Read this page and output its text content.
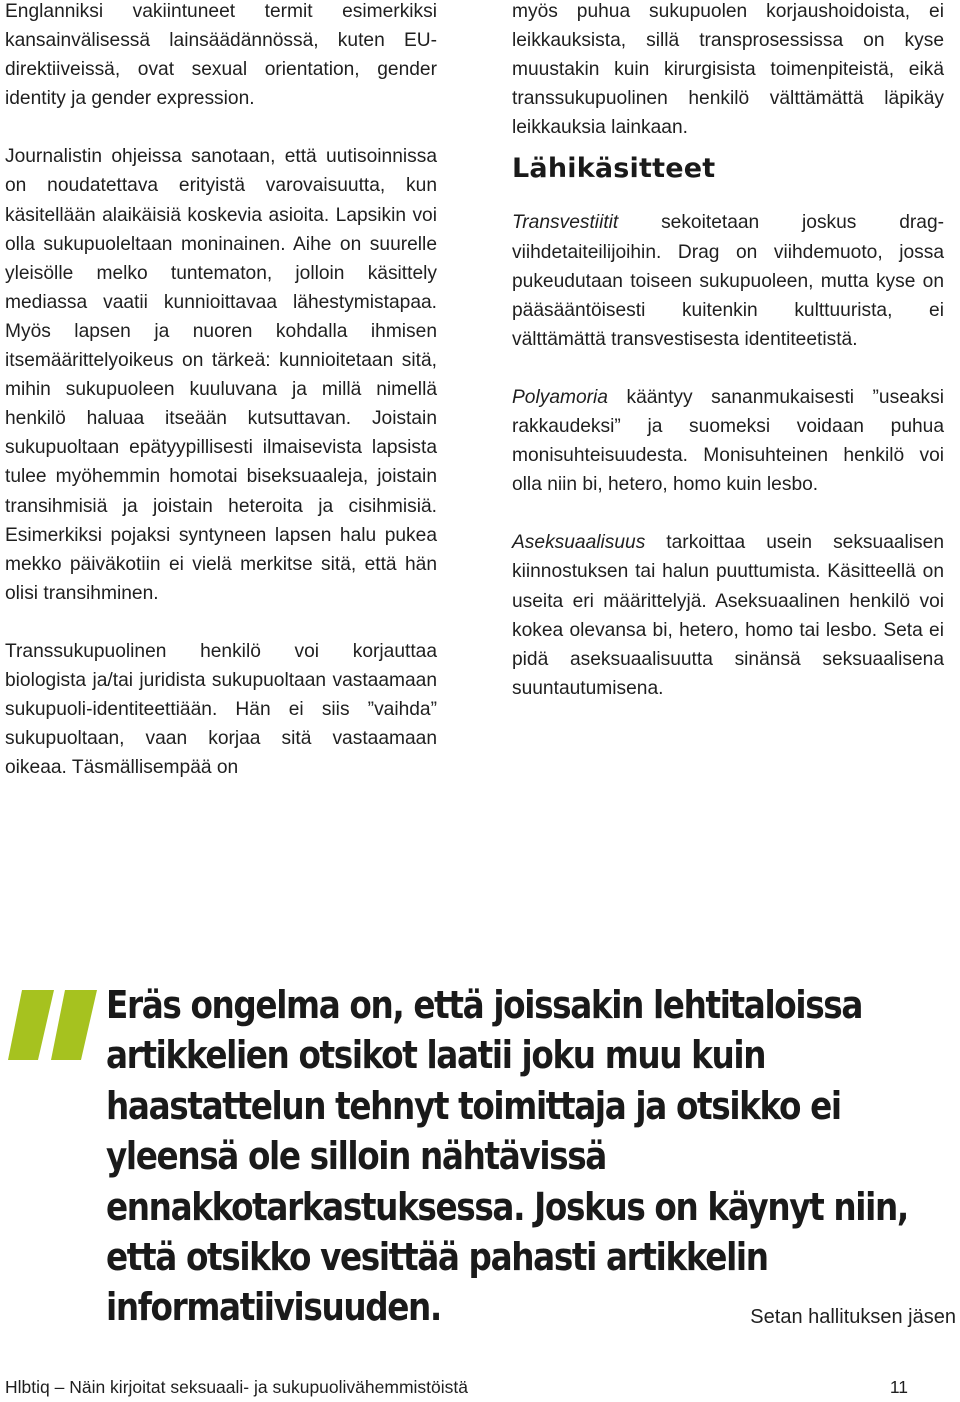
Englanniksi vakiintuneet termit esimerkiksi kansainvälisessä lainsäädännössä, kuten EU-direktiiveissä, ovat sexual orientation, gender identity ja gender expression.

Journalistin ohjeissa sanotaan, että uutisoinnissa on noudatettava erityistä varovaisuutta, kun käsitellään alaikäisiä koskevia asioita. Lapsikin voi olla sukupuoleltaan moninainen. Aihe on suurelle yleisölle melko tuntematon, jolloin käsittely mediassa vaatii kunnioittavaa lähestymistapaa. Myös lapsen ja nuoren kohdalla ihmisen itsemäärittelyoikeus on tärkeä: kunnioitetaan sitä, mihin sukupuoleen kuuluvana ja millä nimellä henkilö haluaa itseään kutsuttavan. Joistain sukupuoltaan epätyypillisesti ilmaisevista lapsista tulee myöhemmin homotai biseksuaaleja, joistain transihmisiä ja joistain heteroita ja cisihmisiä. Esimerkiksi pojaksi syntyneen lapsen halu pukea mekko päiväkotiin ei vielä merkitse sitä, että hän olisi transihminen.

Transsukupuolinen henkilö voi korjauttaa biologista ja/tai juridista sukupuoltaan vastaamaan sukupuoli-identiteettiään. Hän ei siis ”vaihda” sukupuoltaan, vaan korjaa sitä vastaamaan oikeaa. Täsmällisempää on

myös puhua sukupuolen korjaushoidoista, ei leikkauksista, sillä transprosessissa on kyse muustakin kuin kirurgisista toimenpiteistä, eikä transsukupuolinen henkilö välttämättä läpikäy leikkauksia lainkaan.

Lähikäsitteet

Transvestiitit sekoitetaan joskus drag-viihdetaiteilijoihin. Drag on viihdemuoto, jossa pukeudutaan toiseen sukupuoleen, mutta kyse on pääsääntöisesti kuitenkin kulttuurista, ei välttämättä transvestisesta identiteetistä.

Polyamoria kääntyy sananmukaisesti ”useaksi rakkaudeksi” ja suomeksi voidaan puhua monisuhteisuudesta. Monisuhteinen henkilö voi olla niin bi, hetero, homo kuin lesbo.

Aseksuaalisuus tarkoittaa usein seksuaalisen kiinnostuksen tai halun puuttumista. Käsitteellä on useita eri määrittelyjä. Aseksuaalinen henkilö voi kokea olevansa bi, hetero, homo tai lesbo. Seta ei pidä aseksuaalisuutta sinänsä seksuaalisena suuntautumisena.

Eräs ongelma on, että joissakin lehtitaloissa artikkelien otsikot laatii joku muu kuin haastattelun tehnyt toimittaja ja otsikko ei yleensä ole silloin nähtävissä ennakkotarkastuksessa. Joskus on käynyt niin, että otsikko vesittää pahasti artikkelin informatiivisuuden.	Setan hallituksen jäsen
Hlbtiq – Näin kirjoitat seksuaali- ja sukupuolivähemmistöistä	11
